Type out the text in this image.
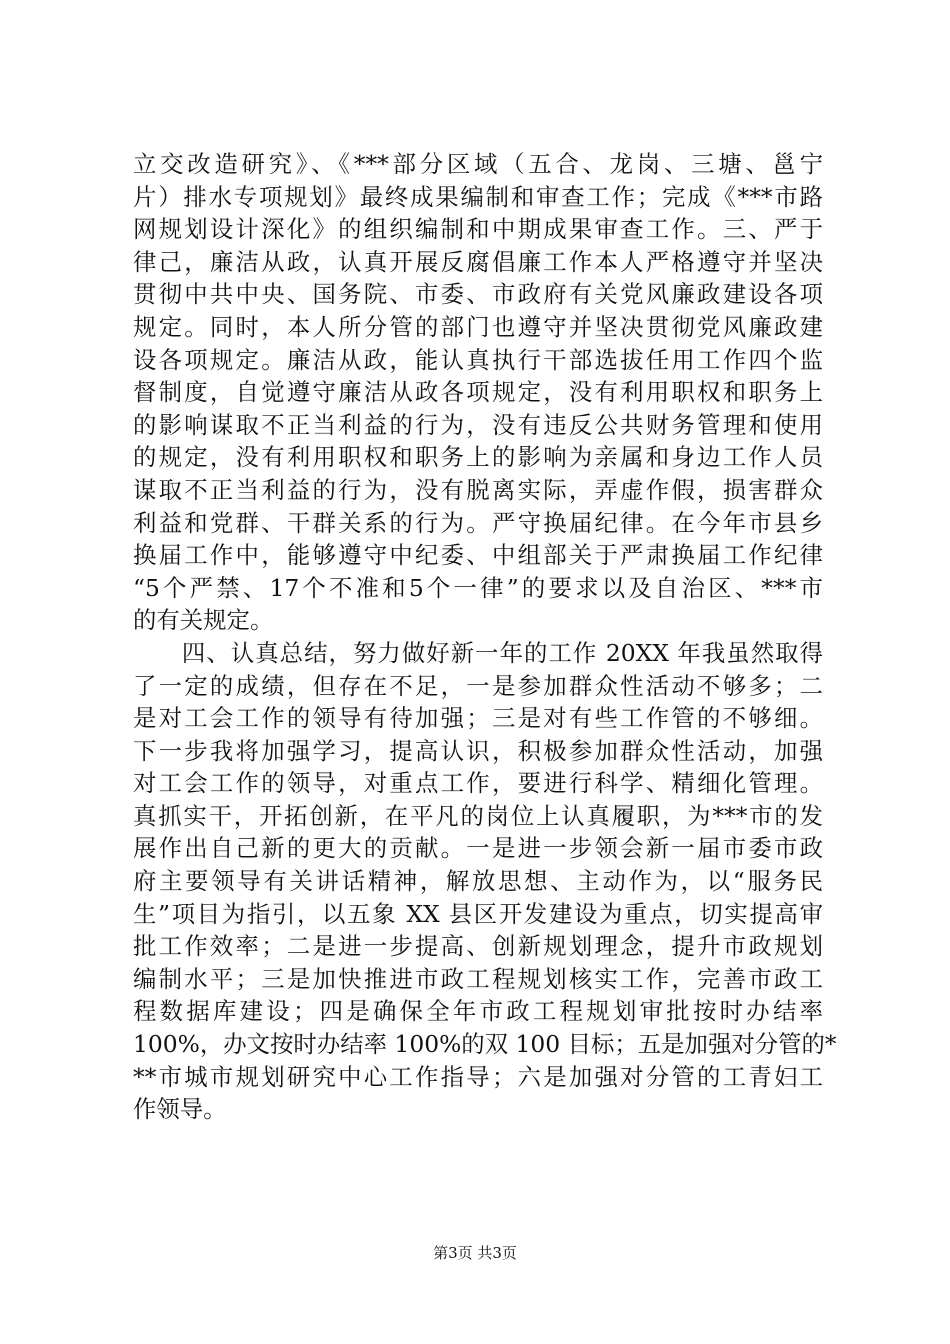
立交改造研究》、《***部分区域（五合、龙岗、三塘、邕宁
片）排水专项规划》最终成果编制和审查工作；完成《***市路
网规划设计深化》的组织编制和中期成果审查工作。三、严于
律己，廉洁从政，认真开展反腐倡廉工作本人严格遵守并坚决
贯彻中共中央、国务院、市委、市政府有关党风廉政建设各项
规定。同时，本人所分管的部门也遵守并坚决贯彻党风廉政建
设各项规定。廉洁从政，能认真执行干部选拔任用工作四个监
督制度，自觉遵守廉洁从政各项规定，没有利用职权和职务上
的影响谋取不正当利益的行为，没有违反公共财务管理和使用
的规定，没有利用职权和职务上的影响为亲属和身边工作人员
谋取不正当利益的行为，没有脱离实际，弄虚作假，损害群众
利益和党群、干群关系的行为。严守换届纪律。在今年市县乡
换届工作中，能够遵守中纪委、中组部关于严肃换届工作纪律
“5个严禁、17个不准和5个一律”的要求以及自治区、***市
的有关规定。
　　四、认真总结，努力做好新一年的工作 20XX 年我虽然取得
了一定的成绩，但存在不足，一是参加群众性活动不够多；二
是对工会工作的领导有待加强；三是对有些工作管的不够细。
下一步我将加强学习，提高认识，积极参加群众性活动，加强
对工会工作的领导，对重点工作，要进行科学、精细化管理。
真抓实干，开拓创新，在平凡的岗位上认真履职，为***市的发
展作出自己新的更大的贡献。一是进一步领会新一届市委市政
府主要领导有关讲话精神，解放思想、主动作为，以“服务民
生”项目为指引，以五象 XX 县区开发建设为重点，切实提高审
批工作效率；二是进一步提高、创新规划理念，提升市政规划
编制水平；三是加快推进市政工程规划核实工作，完善市政工
程数据库建设；四是确保全年市政工程规划审批按时办结率
100%，办文按时办结率 100%的双 100 目标；五是加强对分管的*
**市城市规划研究中心工作指导；六是加强对分管的工青妇工
作领导。
第3页 共3页
